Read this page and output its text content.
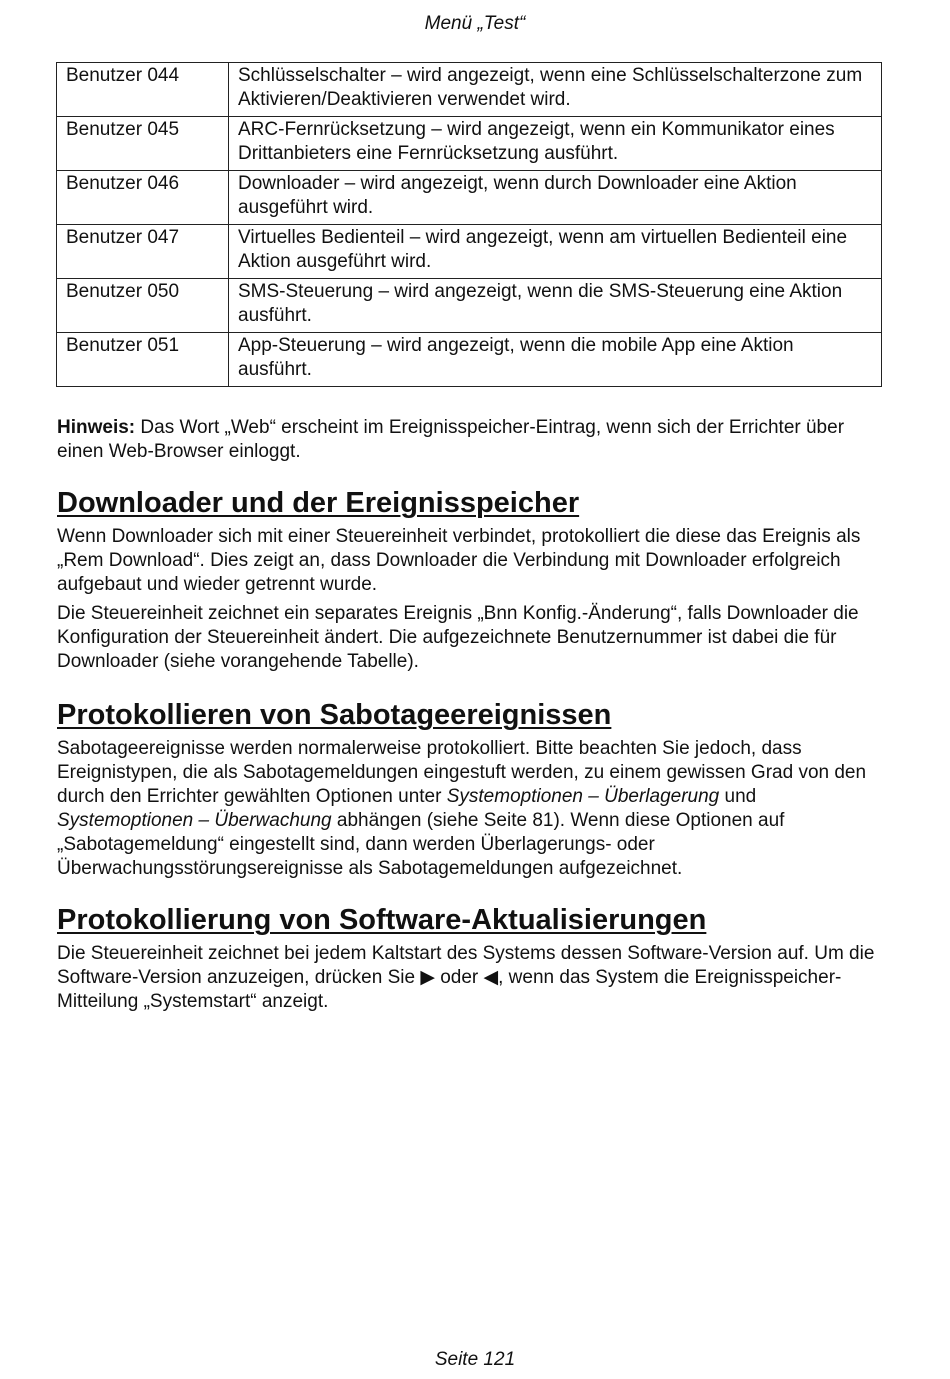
Menü „Test“
Benutzer 044	Schlüsselschalter – wird angezeigt, wenn eine Schlüsselschalterzone zum Aktivieren/Deaktivieren verwendet wird.
Benutzer 045	ARC-Fernrücksetzung – wird angezeigt, wenn ein Kommunikator eines Drittanbieters eine Fernrücksetzung ausführt.
Benutzer 046	Downloader – wird angezeigt, wenn durch Downloader eine Aktion ausgeführt wird.
Benutzer 047	Virtuelles Bedienteil – wird angezeigt, wenn am virtuellen Bedienteil eine Aktion ausgeführt wird.
Benutzer 050	SMS-Steuerung – wird angezeigt, wenn die SMS-Steuerung eine Aktion ausführt.
Benutzer 051	App-Steuerung – wird angezeigt, wenn die mobile App eine Aktion ausführt.

Hinweis: Das Wort „Web“ erscheint im Ereignisspeicher-Eintrag, wenn sich der Errichter über einen Web-Browser einloggt.

Downloader und der Ereignisspeicher

Wenn Downloader sich mit einer Steuereinheit verbindet, protokolliert die diese das Ereignis als „Rem Download“. Dies zeigt an, dass Downloader die Verbindung mit Downloader erfolgreich aufgebaut und wieder getrennt wurde.

Die Steuereinheit zeichnet ein separates Ereignis „Bnn Konfig.-Änderung“, falls Downloader die Konfiguration der Steuereinheit ändert. Die aufgezeichnete Benutzernummer ist dabei die für Downloader (siehe vorangehende Tabelle).

Protokollieren von Sabotageereignissen

Sabotageereignisse werden normalerweise protokolliert. Bitte beachten Sie jedoch, dass Ereignistypen, die als Sabotagemeldungen eingestuft werden, zu einem gewissen Grad von den durch den Errichter gewählten Optionen unter Systemoptionen – Überlagerung und Systemoptionen – Überwachung abhängen (siehe Seite 81). Wenn diese Optionen auf „Sabotagemeldung“ eingestellt sind, dann werden Überlagerungs- oder Überwachungsstörungsereignisse als Sabotagemeldungen aufgezeichnet.

Protokollierung von Software-Aktualisierungen

Die Steuereinheit zeichnet bei jedem Kaltstart des Systems dessen Software-Version auf. Um die Software-Version anzuzeigen, drücken Sie ▶ oder ◀, wenn das System die Ereignisspeicher-Mitteilung „Systemstart“ anzeigt.

Seite 121
